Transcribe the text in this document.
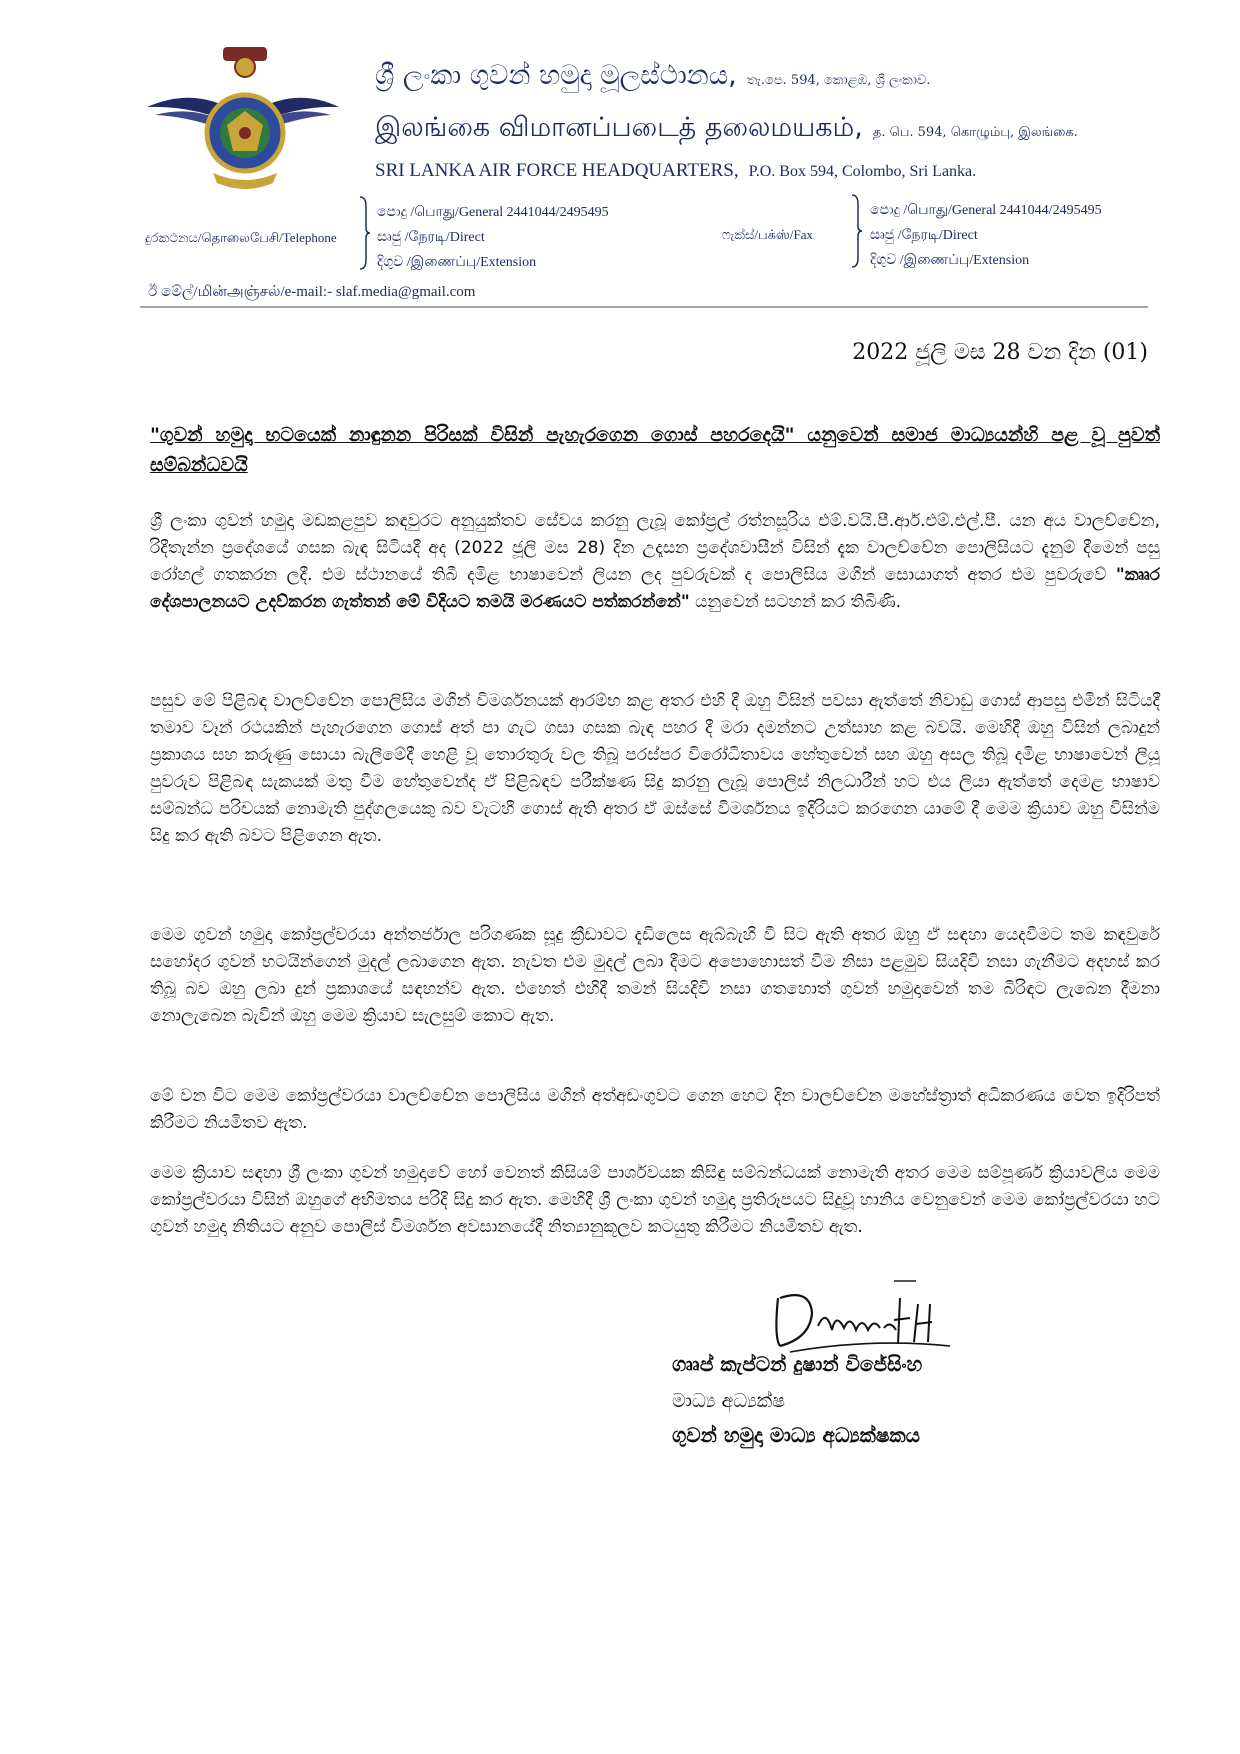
ශ්‍රී ලංකා ගුවන් හමුදා මූලස්ථානය, තැ.පෙ. 594, කොළඹ, ශ්‍රී ලංකාව.
இலங்கை விமானப்படைத் தலைமயகம், த. பெ. 594, கொழும்பு, இலங்கை.
SRI LANKA AIR FORCE HEADQUARTERS, P.O. Box 594, Colombo, Sri Lanka.
දුරකථනය/தொலைபேசி/Telephone
පොදු /பொது/General 2441044/2495495
සෘජු /நேரடி/Direct
දිගුව /இணைப்பு/Extension
ෆැක්ස්/பக்ஸ்/Fax
පොදු /பொது/General 2441044/2495495
සෘජු /நேரடி/Direct
දිගුව /இணைப்பு/Extension
ඊ මේල්/மின்அஞ்சல்/e-mail:- slaf.media@gmail.com
2022 ජූලි මස 28 වන දින (01)
"ගුවන් හමුදා භටයෙක් නාඳුනන පිරිසක් විසින් පැහැරගෙන ගොස් පහරදෙයි" යනුවෙන් සමාජ මාධ්‍යයන්හි පළ වූ පුවත් සම්බන්ධවයි
ශ්‍රී ලංකා ගුවන් හමුදා මඩකළපුව කඳවුරට අනුයුක්තව සේවය කරනු ලැබූ කෝප්‍රල් රත්නසූරිය එම්.වයි.පී.ආර්.එම්.එල්.පී. යන අය වාලච්චේන, රිදීතැන්න ප්‍රදේශයේ ගසක බැඳ සිටියදී අද (2022 ජූලි මස 28) දින උදෑසන ප්‍රදේශවාසීන් විසින් දැක වාලච්චේන පොලිසියට දැනුම් දීමෙන් පසු රෝහල් ගතකරන ලදී. එම ස්ථානයේ තිබී දමිළ භාෂාවෙන් ලියන ලද පුවරුවක් ද පොලිසිය මගින් සොයාගත් අතර එම පුවරුවේ "කෘෘර දේශපාලනයට උදව්කරන ගැත්තන් මේ විදියට තමයි මරණයට පත්කරන්නේ" යනුවෙන් සටහන් කර තිබිණි.
පසුව මේ පිළිබඳ වාලච්චේන පොලිසිය මගින් විමර්ශනයක් ආරම්භ කළ අතර එහි දී ඔහු විසින් පවසා ඇත්තේ නිවාඩු ගොස් ආපසු එමින් සිටියදී තමාව වෑන් රථයකින් පැහැරගෙන ගොස් අත් පා ගැට ගසා ගසක බැඳ පහර දී මරා දමන්නට උත්සාහ කළ බවයි. මෙහිදී ඔහු විසින් ලබාදුන් ප්‍රකාශය සහ කරුණු සොයා බැලීමේදී හෙළි වූ තොරතුරු වල තිබූ පරස්පර විරෝධිතාවය හේතුවෙන් සහ ඔහු අසල තිබූ දමිළ භාෂාවෙන් ලියූ පුවරුව පිළිබඳ සැකයක් මතු වීම හේතුවෙන්ද ඒ පිළිබඳව පරීක්ෂණ සිදු කරනු ලැබූ පොලිස් නිලධාරීන් හට එය ලියා ඇත්තේ දෙමළ භාෂාව සම්බන්ධ පරිචයක් නොමැති පුද්ගලයෙකු බව වැටහී ගොස් ඇති අතර ඒ ඔස්සේ විමර්ශනය ඉදිරියට කරගෙන යාමේ දී මෙම ක්‍රියාව ඔහු විසින්ම සිදු කර ඇති බවට පිළිගෙන ඇත.
මෙම ගුවන් හමුදා කෝප්‍රල්වරයා අන්තර්ජාල පරිගණක සූදු ක්‍රීඩාවට දැඩිලෙස ඇබ්බැහි වී සිට ඇති අතර ඔහු ඒ සඳහා යෙදවීමට තම කඳවුරේ සහෝදර ගුවන් භටයින්ගෙන් මුදල් ලබාගෙන ඇත. නැවත එම මුදල් ලබා දීමට අපොහොසත් වීම නිසා පළමුව සියදිවි නසා ගැනීමට අදහස් කර තිබූ බව ඔහු ලබා දුන් ප්‍රකාශයේ සඳහන්ව ඇත. එහෙත් එහිදී තමන් සියදිවි නසා ගතහොත් ගුවන් හමුදාවෙන් තම බිරිඳට ලැබෙන දීමනා නොලැබෙන බැවින් ඔහු මෙම ක්‍රියාව සැලසුම් කොට ඇත.
මේ වන විට මෙම කෝප්‍රල්වරයා වාලච්චේන පොලිසිය මගින් අත්අඩංගුවට ගෙන හෙට දින වාලච්චේන මහේස්ත්‍රාත් අධිකරණය වෙත ඉදිරිපත් කිරීමට නියමිතව ඇත.
මෙම ක්‍රියාව සඳහා ශ්‍රී ලංකා ගුවන් හමුදාවේ හෝ වෙනත් කිසියම් පාර්ශවයක කිසිඳු සම්බන්ධයක් නොමැති අතර මෙම සම්පූර්ණ ක්‍රියාවලිය මෙම කෝප්‍රල්වරයා විසින් ඔහුගේ අභිමතය පරිදි සිදු කර ඇත. මෙහිදී ශ්‍රී ලංකා ගුවන් හමුදා ප්‍රතිරූපයට සිදුවූ හානිය වෙනුවෙන් මෙම කෝප්‍රල්වරයා හට ගුවන් හමුදා නිතියට අනුව පොලිස් විමර්ශන අවසානයේදී නිත්‍යානුකූලව කටයුතු කිරීමට නියමිතව ඇත.
ගෲප් කැප්ටන් දුෂාන් විජේසිංහ
මාධ්‍ය අධ්‍යක්ෂ
ගුවන් හමුදා මාධ්‍ය අධ්‍යක්ෂකය
